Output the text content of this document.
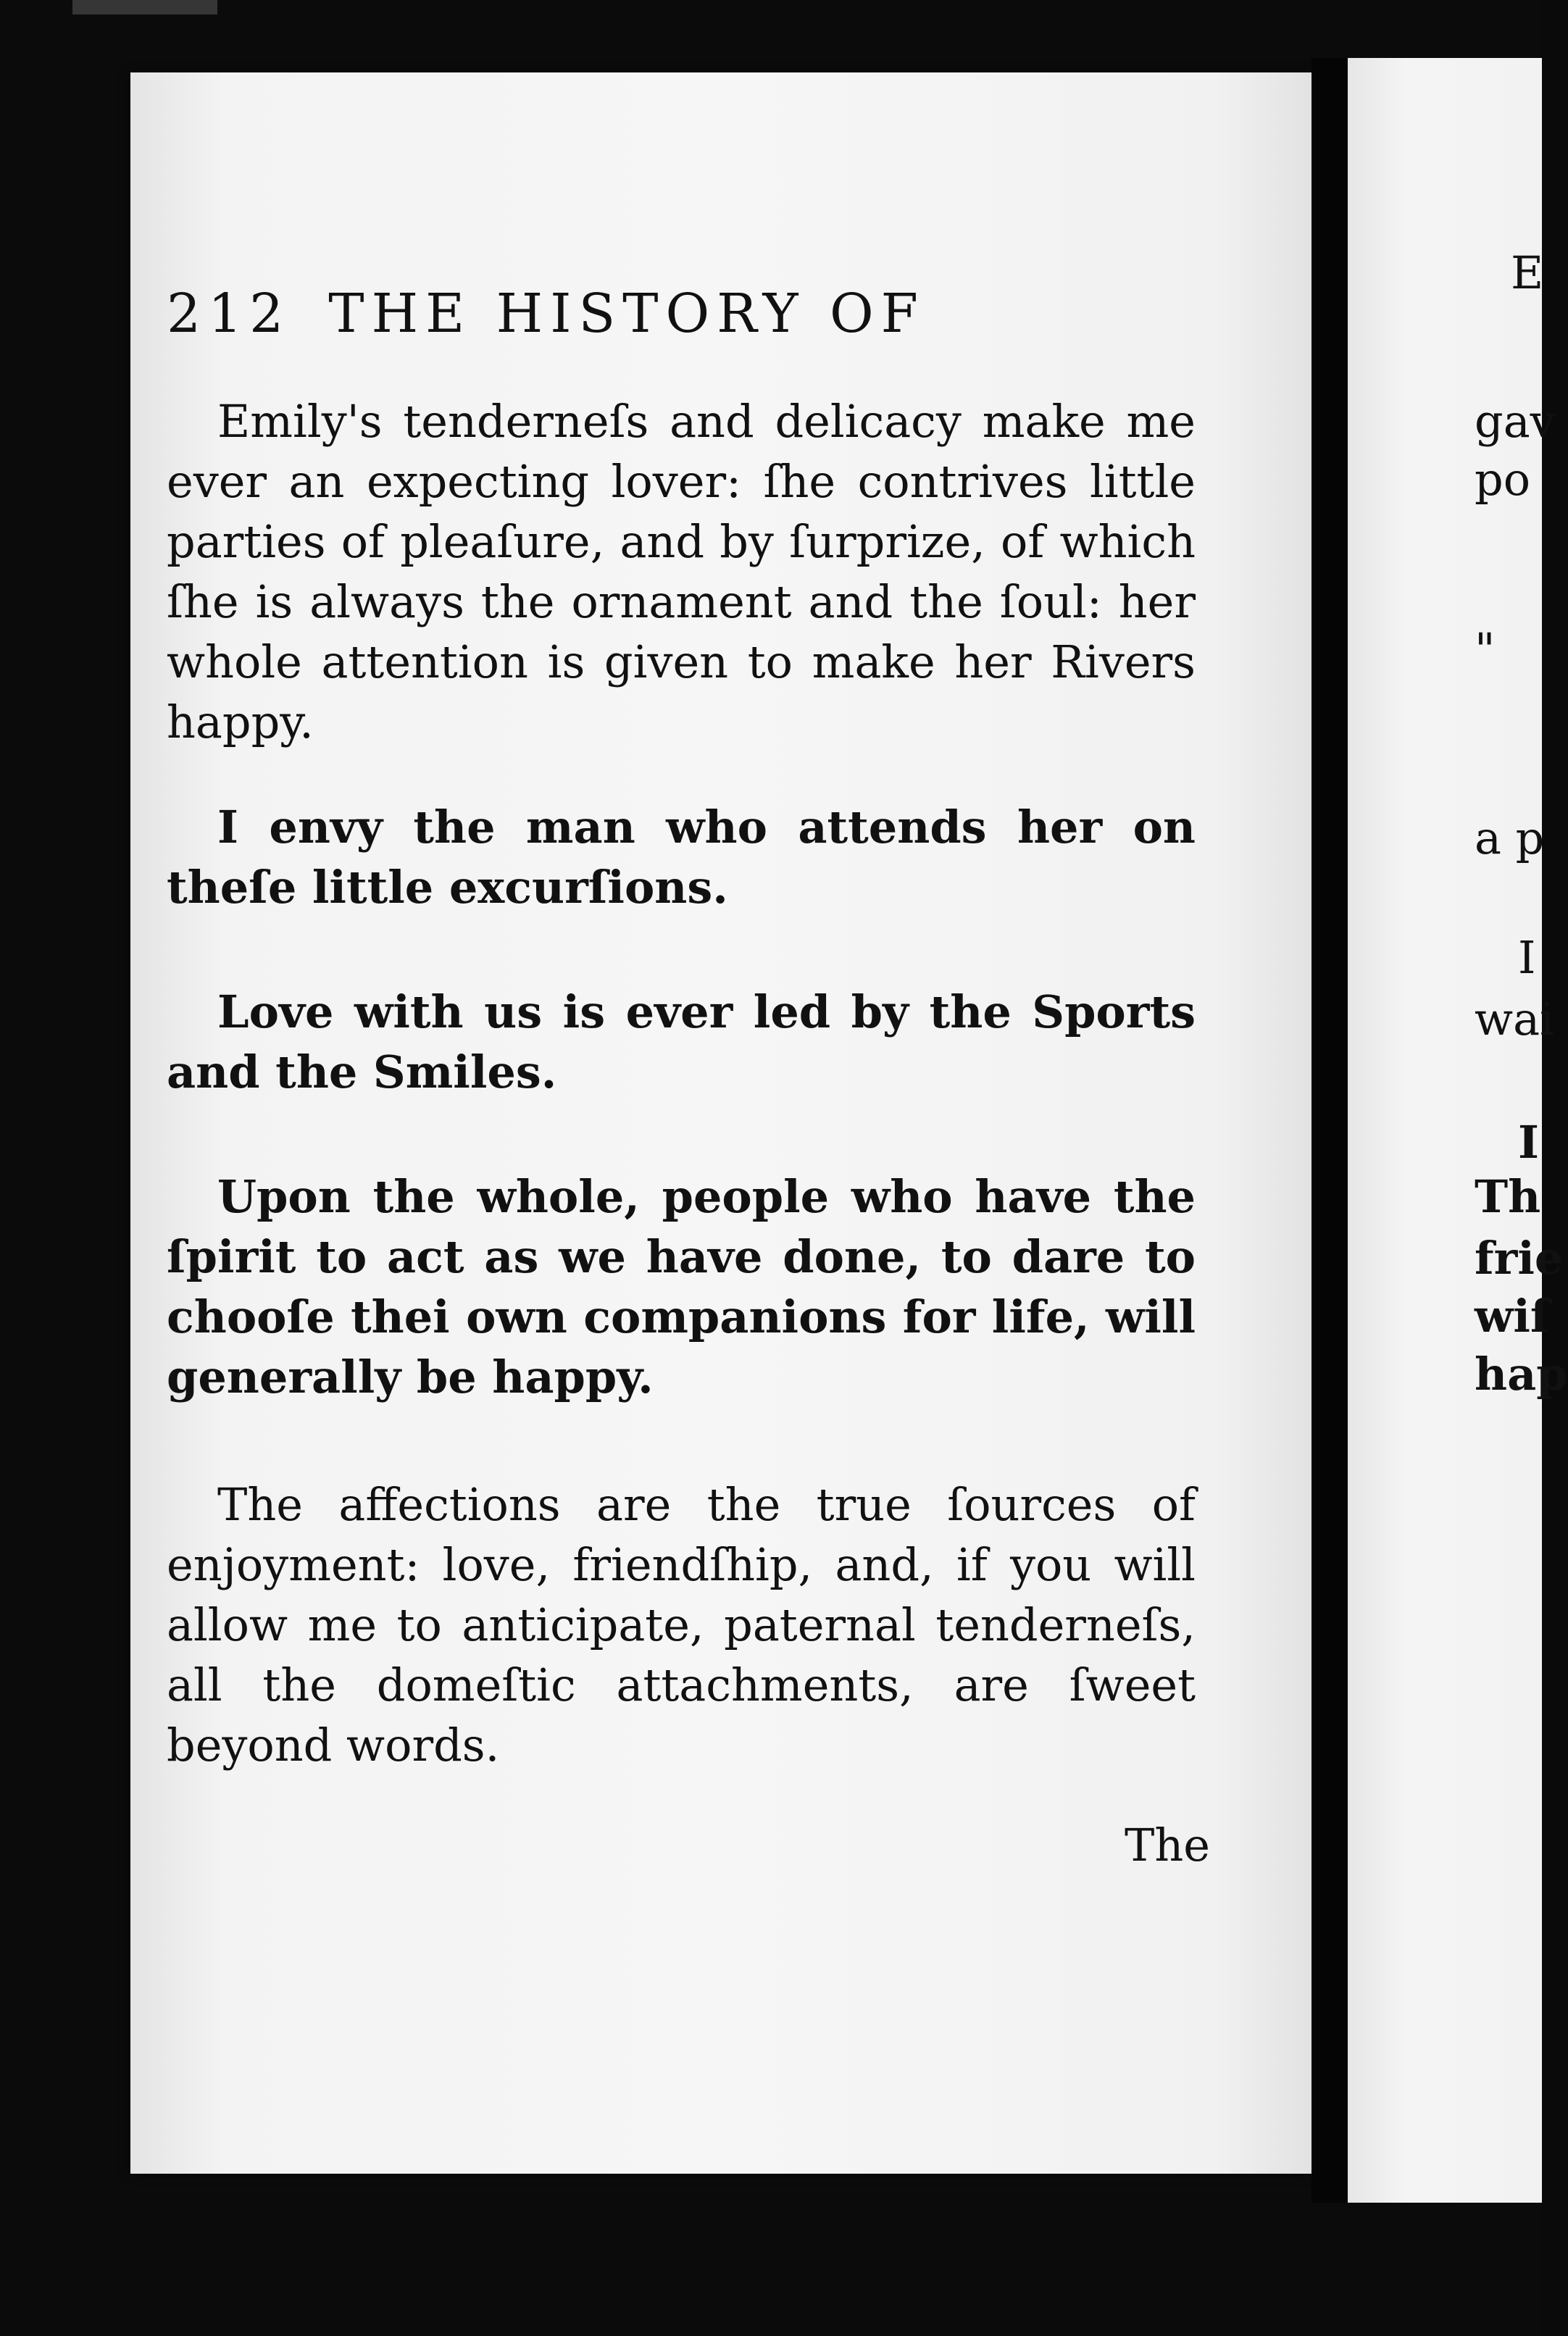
212 THE HISTORY OF

Emily's tenderneſs and delicacy make me ever an expecting lover: ſhe contrives little parties of pleaſure, and by ſurprize, of which ſhe is always the ornament and the ſoul: her whole attention is given to make her Rivers happy.

I envy the man who attends her on theſe little excurſions.

Love with us is ever led by the Sports and the Smiles.

Upon the whole, people who have the ſpirit to act as we have done, to dare to chooſe thei own companions for life, will generally be happy.

The affections are the true ſources of enjoyment: love, friendſhip, and, if you will allow me to anticipate, paternal tenderneſs, all the domeſtic attachments, are ſweet beyond words.

The
E
gav
po
"
a p
I
wai
I
Th
frie
wiſ
hap
